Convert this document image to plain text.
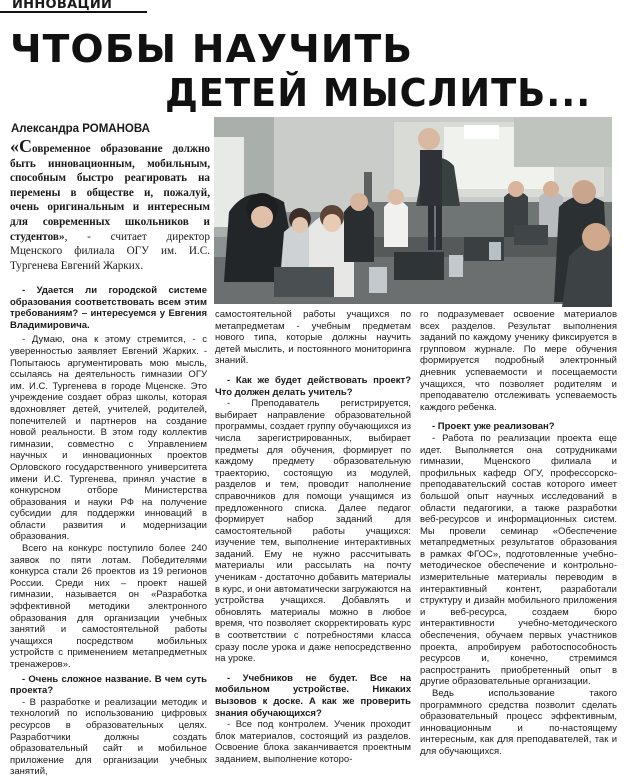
ИННОВАЦИИ
ЧТОБЫ НАУЧИТЬ
ДЕТЕЙ МЫСЛИТЬ...
Александра РОМАНОВА
«Современное образование должно быть инновационным, мобильным, способным быстро реагировать на перемены в обществе и, пожалуй, очень оригинальным и интересным для современных школьников и студентов», - считает директор Мценского филиала ОГУ им. И.С. Тургенева Евгений Жарких.

- Удается ли городской системе образования соответствовать всем этим требованиям? – интересуемся у Евгения Владимировича.

- Думаю, она к этому стремится, - с уверенностью заявляет Евгений Жарких. - Попытаюсь аргументировать мою мысль, ссылаясь на деятельность гимназии ОГУ им. И.С. Тургенева в городе Мценске. Это учреждение создает образ школы, которая вдохновляет детей, учителей, родителей, попечителей и партнеров на создание новой реальности. В этом году коллектив гимназии, совместно с Управлением научных и инновационных проектов Орловского государственного университета имени И.С. Тургенева, принял участие в конкурсном отборе Министерства образования и науки РФ на получение субсидии для поддержки инноваций в области развития и модернизации образования.

Всего на конкурс поступило более 240 заявок по пяти лотам. Победителями конкурса стали 26 проектов из 19 регионов России. Среди них – проект нашей гимназии, называется он «Разработка эффективной методики электронного образования для организации учебных занятий и самостоятельной работы учащихся посредством мобильных устройств с применением метапредметных тренажеров».

- Очень сложное название. В чем суть проекта?

- В разработке и реализации методик и технологий по использованию цифровых ресурсов в образовательных целях. Разработчики должны создать образовательный сайт и мобильное приложение для организации учебных занятий,

самостоятельной работы учащихся по метапредметам - учебным предметам нового типа, которые должны научить детей мыслить, и постоянного мониторинга знаний.

- Как же будет действовать проект? Что должен делать учитель?

- Преподаватель регистрируется, выбирает направление образовательной программы, создает группу обучающихся из числа зарегистрированных, выбирает предметы для обучения, формирует по каждому предмету образовательную траекторию, состоящую из модулей, разделов и тем, проводит наполнение справочников для помощи учащимся из предложенного списка. Далее педагог формирует набор заданий для самостоятельной работы учащихся: изучение тем, выполнение интерактивных заданий. Ему не нужно рассчитывать материалы или рассылать на почту ученикам - достаточно добавить материалы в курс, и они автоматически загружаются на устройства учащихся. Добавлять и обновлять материалы можно в любое время, что позволяет скорректировать курс в соответствии с потребностями класса сразу после урока и даже непосредственно на уроке.

- Учебников не будет. Все на мобильном устройстве. Никаких вызовов к доске. А как же проверить знания обучающихся?

- Все под контролем. Ученик проходит блок материалов, состоящий из разделов. Освоение блока заканчивается проектным заданием, выполнение которо-

го подразумевает освоение материалов всех разделов. Результат выполнения заданий по каждому ученику фиксируется в групповом журнале. По мере обучения формируется подробный электронный дневник успеваемости и посещаемости учащихся, что позволяет родителям и преподавателю отслеживать успеваемость каждого ребенка.

- Проект уже реализован?

- Работа по реализации проекта еще идет. Выполняется она сотрудниками гимназии, Мценского филиала и профильных кафедр ОГУ, профессорско-преподавательский состав которого имеет большой опыт научных исследований в области педагогики, а также разработки веб-ресурсов и информационных систем. Мы провели семинар «Обеспечение метапредметных результатов образования в рамках ФГОС», подготовленные учебно-методическое обеспечение и контрольно-измерительные материалы переводим в интерактивный контент, разработали структуру и дизайн мобильного приложения и веб-ресурса, создаем бюро интерактивности учебно-методического обеспечения, обучаем первых участников проекта, апробируем работоспособность ресурсов и, конечно, стремимся распространить приобретенный опыт в другие образовательные организации.

Ведь использование такого программного средства позволит сделать образовательный процесс эффективным, инновационным и по-настоящему интересным, как для преподавателей, так и для обучающихся.
